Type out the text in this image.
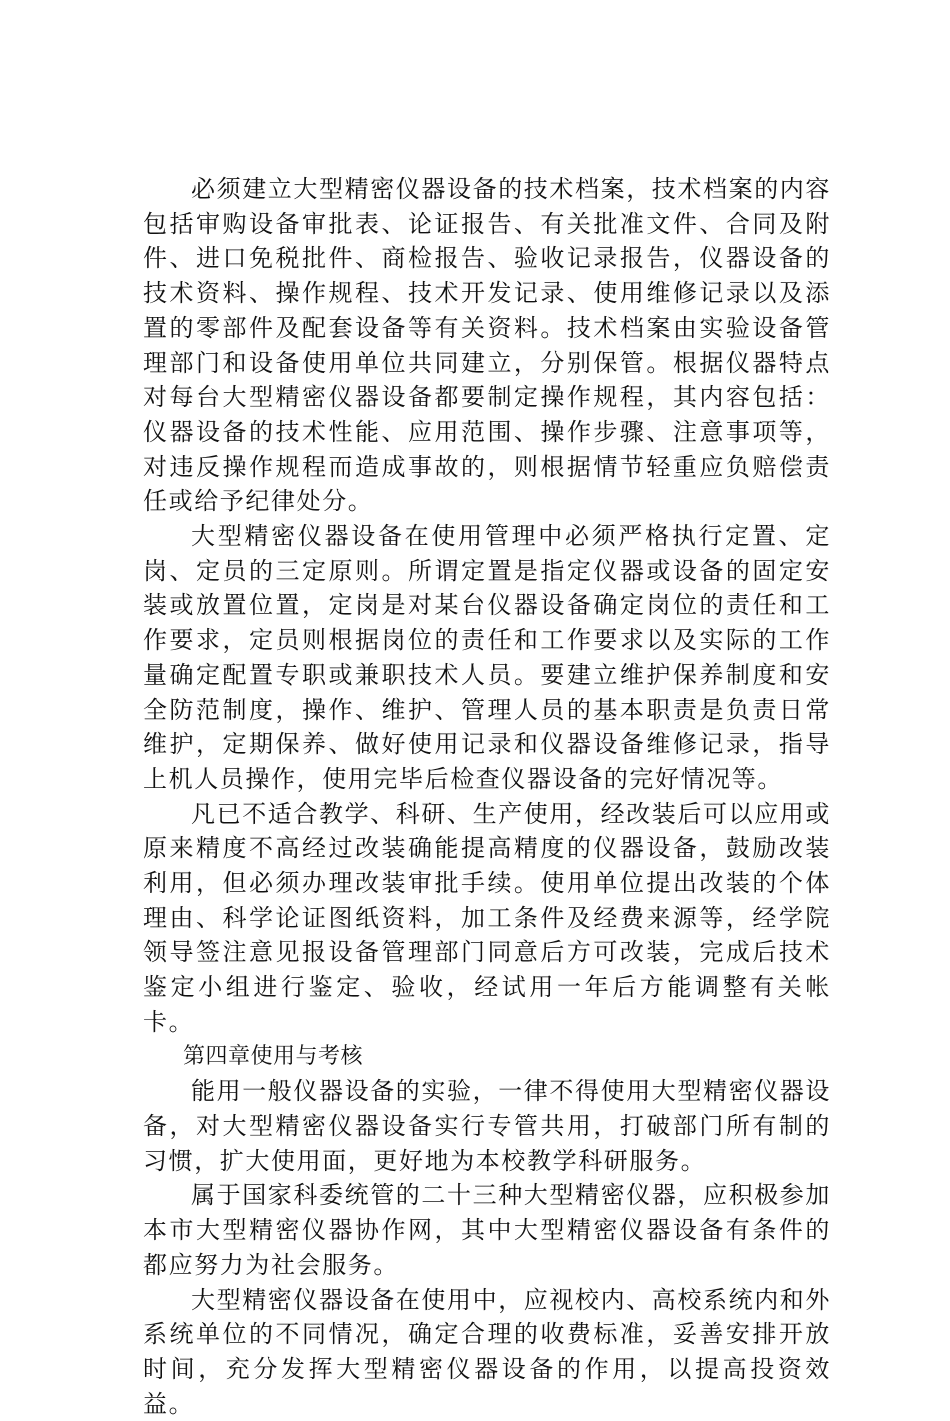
必须建立大型精密仪器设备的技术档案，技术档案的内容包括审购设备审批表、论证报告、有关批准文件、合同及附件、进口免税批件、商检报告、验收记录报告，仪器设备的技术资料、操作规程、技术开发记录、使用维修记录以及添置的零部件及配套设备等有关资料。技术档案由实验设备管理部门和设备使用单位共同建立，分别保管。根据仪器特点对每台大型精密仪器设备都要制定操作规程，其内容包括：仪器设备的技术性能、应用范围、操作步骤、注意事项等，对违反操作规程而造成事故的，则根据情节轻重应负赔偿责任或给予纪律处分。

大型精密仪器设备在使用管理中必须严格执行定置、定岗、定员的三定原则。所谓定置是指定仪器或设备的固定安装或放置位置，定岗是对某台仪器设备确定岗位的责任和工作要求，定员则根据岗位的责任和工作要求以及实际的工作量确定配置专职或兼职技术人员。要建立维护保养制度和安全防范制度，操作、维护、管理人员的基本职责是负责日常维护，定期保养、做好使用记录和仪器设备维修记录，指导上机人员操作，使用完毕后检查仪器设备的完好情况等。

凡已不适合教学、科研、生产使用，经改装后可以应用或原来精度不高经过改装确能提高精度的仪器设备，鼓励改装利用，但必须办理改装审批手续。使用单位提出改装的个体理由、科学论证图纸资料，加工条件及经费来源等，经学院领导签注意见报设备管理部门同意后方可改装，完成后技术鉴定小组进行鉴定、验收，经试用一年后方能调整有关帐卡。

第四章使用与考核

能用一般仪器设备的实验，一律不得使用大型精密仪器设备，对大型精密仪器设备实行专管共用，打破部门所有制的习惯，扩大使用面，更好地为本校教学科研服务。

属于国家科委统管的二十三种大型精密仪器，应积极参加本市大型精密仪器协作网，其中大型精密仪器设备有条件的都应努力为社会服务。

大型精密仪器设备在使用中，应视校内、高校系统内和外系统单位的不同情况，确定合理的收费标准，妥善安排开放时间，充分发挥大型精密仪器设备的作用，以提高投资效益。
